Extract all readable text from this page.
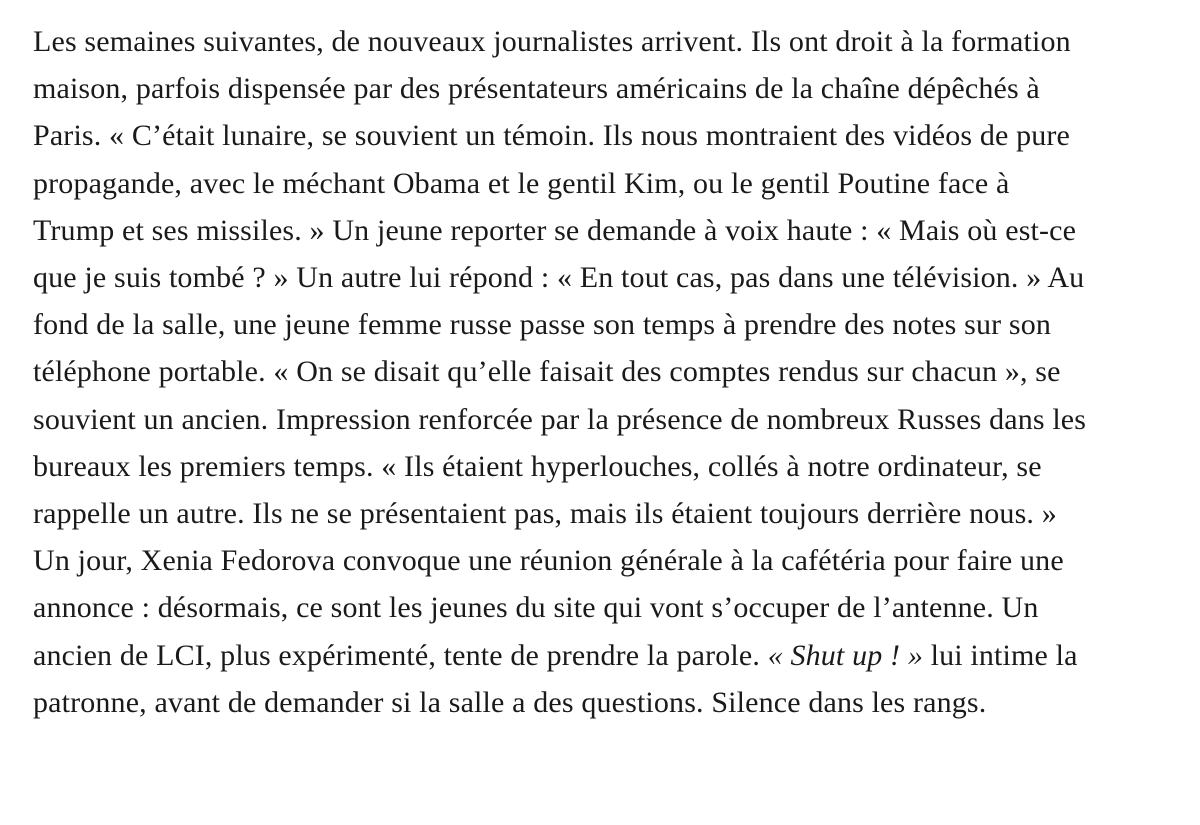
Les semaines suivantes, de nouveaux journalistes arrivent. Ils ont droit à la formation
maison, parfois dispensée par des présentateurs américains de la chaîne dépêchés à
Paris. « C’était lunaire, se souvient un témoin. Ils nous montraient des vidéos de pure
propagande, avec le méchant Obama et le gentil Kim, ou le gentil Poutine face à
Trump et ses missiles. » Un jeune reporter se demande à voix haute : « Mais où est-ce
que je suis tombé ? » Un autre lui répond : « En tout cas, pas dans une télévision. » Au
fond de la salle, une jeune femme russe passe son temps à prendre des notes sur son
téléphone portable. « On se disait qu’elle faisait des comptes rendus sur chacun », se
souvient un ancien. Impression renforcée par la présence de nombreux Russes dans les
bureaux les premiers temps. « Ils étaient hyperlouches, collés à notre ordinateur, se
rappelle un autre. Ils ne se présentaient pas, mais ils étaient toujours derrière nous. »
Un jour, Xenia Fedorova convoque une réunion générale à la cafétéria pour faire une
annonce : désormais, ce sont les jeunes du site qui vont s’occuper de l’antenne. Un
ancien de LCI, plus expérimenté, tente de prendre la parole. « Shut up ! » lui intime la
patronne, avant de demander si la salle a des questions. Silence dans les rangs.
